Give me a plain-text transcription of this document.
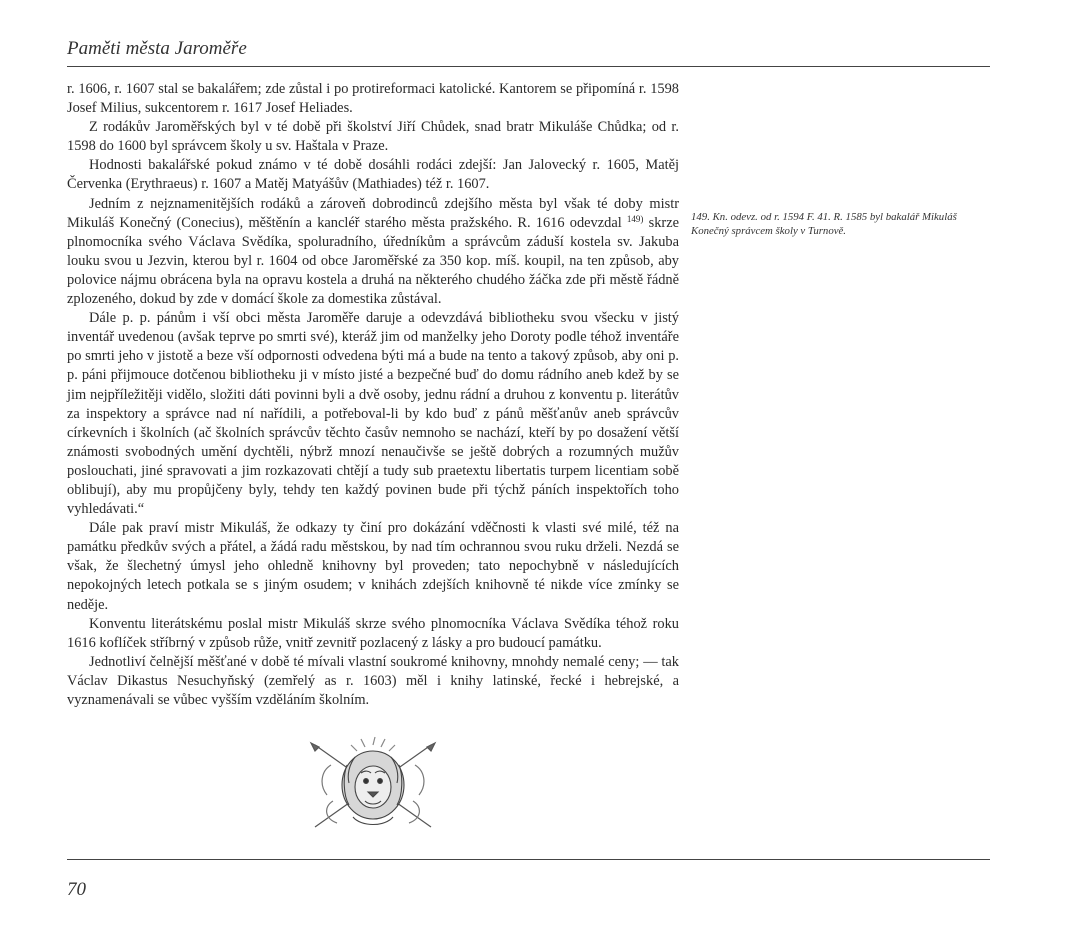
Paměti města Jaroměře

r. 1606, r. 1607 stal se bakalářem; zde zůstal i po protireformaci katolické. Kantorem se připomíná r. 1598 Josef Milius, sukcentorem r. 1617 Josef Heliades.

Z rodákův Jaroměřských byl v té době při školství Jiří Chůdek, snad bratr Mikuláše Chůdka; od r. 1598 do 1600 byl správcem školy u sv. Haštala v Praze.

Hodnosti bakalářské pokud známo v té době dosáhli rodáci zdejší: Jan Jalovecký r. 1605, Matěj Červenka (Erythraeus) r. 1607 a Matěj Matyášův (Mathiades) též r. 1607.

Jedním z nejznamenitějších rodáků a zároveň dobrodinců zdejšího města byl však té doby mistr Mikuláš Konečný (Conecius), měštěnín a kancléř starého města pražského. R. 1616 odevzdal $^{149)}$ skrze plnomocníka svého Václava Svědíka, spoluradního, úředníkům a správcům záduší kostela sv. Jakuba louku svou u Jezvin, kterou byl r. 1604 od obce Jaroměřské za 350 kop. míš. koupil, na ten způsob, aby polovice nájmu obrácena byla na opravu kostela a druhá na některého chudého žáčka zde při městě řádně zplozeného, dokud by zde v domácí škole za domestika zůstával.

Dále p. p. pánům i vší obci města Jaroměře daruje a odevzdává bibliotheku svou všecku v jistý inventář uvedenou (avšak teprve po smrti své), kteráž jim od manželky jeho Doroty podle téhož inventáře po smrti jeho v jistotě a beze vší odpornosti odvedena býti má a bude na tento a takový způsob, aby oni p. p. páni přijmouce dotčenou bibliotheku ji v místo jisté a bezpečné buď do domu rádního aneb kdež by se jim nejpříležitěji vidělo, složiti dáti povinni byli a dvě osoby, jednu rádní a druhou z konventu p. literátův za inspektory a správce nad ní nařídili, a potřeboval-li by kdo buď z pánů měšťanův aneb správcův církevních i školních (ač školních správcův těchto časův nemnoho se nachází, kteří by po dosažení větší známosti svobodných umění dychtěli, nýbrž mnozí nenaučivše se ještě dobrých a rozumných mužův poslouchati, jiné spravovati a jim rozkazovati chtějí a tudy sub praetextu libertatis turpem licentiam sobě oblibují), aby mu propůjčeny byly, tehdy ten každý povinen bude při týchž páních inspektořích toho vyhledávati.“

Dále pak praví mistr Mikuláš, že odkazy ty činí pro dokázání vděčnosti k vlasti své milé, též na památku předkův svých a přátel, a žádá radu městskou, by nad tím ochrannou svou ruku drželi. Nezdá se však, že šlechetný úmysl jeho ohledně knihovny byl proveden; tato nepochybně v následujících nepokojných letech potkala se s jiným osudem; v knihách zdejších knihovně té nikde více zmínky se neděje.

Konventu literátskému poslal mistr Mikuláš skrze svého plnomocníka Václava Svědíka téhož roku 1616 koflíček stříbrný v způsob růže, vnitř zevnitř pozlacený z lásky a pro budoucí památku.

Jednotliví čelnější měšťané v době té mívali vlastní soukromé knihovny, mnohdy nemalé ceny; — tak Václav Dikastus Nesuchyňský (zemřelý as r. 1603) měl i knihy latinské, řecké i hebrejské, a vyznamenávali se vůbec vyšším vzděláním školním.

149. Kn. odevz. od r. 1594 F. 41. R. 1585 byl bakalář Mikuláš Konečný správcem školy v Turnově.
70
